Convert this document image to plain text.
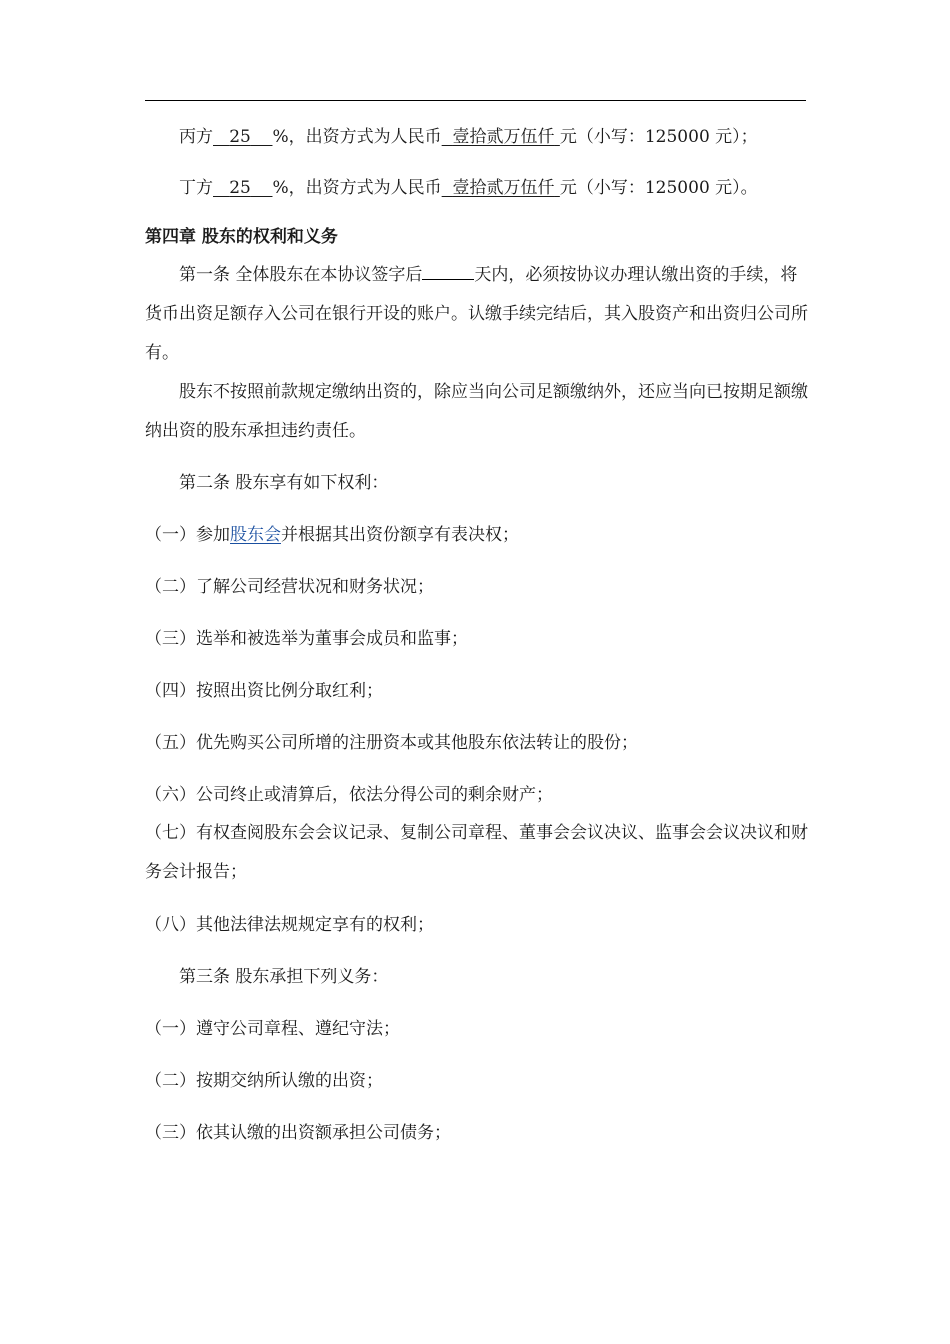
丙方 25 %，出资方式为人民币 壹拾贰万伍仟 元（小写：125000 元）；
丁方 25 %，出资方式为人民币 壹拾贰万伍仟 元（小写：125000 元）。
第四章 股东的权利和义务

第一条 全体股东在本协议签字后	天内，必须按协议办理认缴出资的手续，将货币出资足额存入公司在银行开设的账户。认缴手续完结后，其入股资产和出资归公司所有。

股东不按照前款规定缴纳出资的，除应当向公司足额缴纳外，还应当向已按期足额缴纳出资的股东承担违约责任。

第二条 股东享有如下权利：
（一）参加股东会并根据其出资份额享有表决权；
（二）了解公司经营状况和财务状况；
（三）选举和被选举为董事会成员和监事；
（四）按照出资比例分取红利；
（五）优先购买公司所增的注册资本或其他股东依法转让的股份；
（六）公司终止或清算后，依法分得公司的剩余财产；

（七）有权查阅股东会会议记录、复制公司章程、董事会会议决议、监事会会议决议和财务会计报告；

（八）其他法律法规规定享有的权利；
第三条 股东承担下列义务：
（一）遵守公司章程、遵纪守法；
（二）按期交纳所认缴的出资；
（三）依其认缴的出资额承担公司债务；
